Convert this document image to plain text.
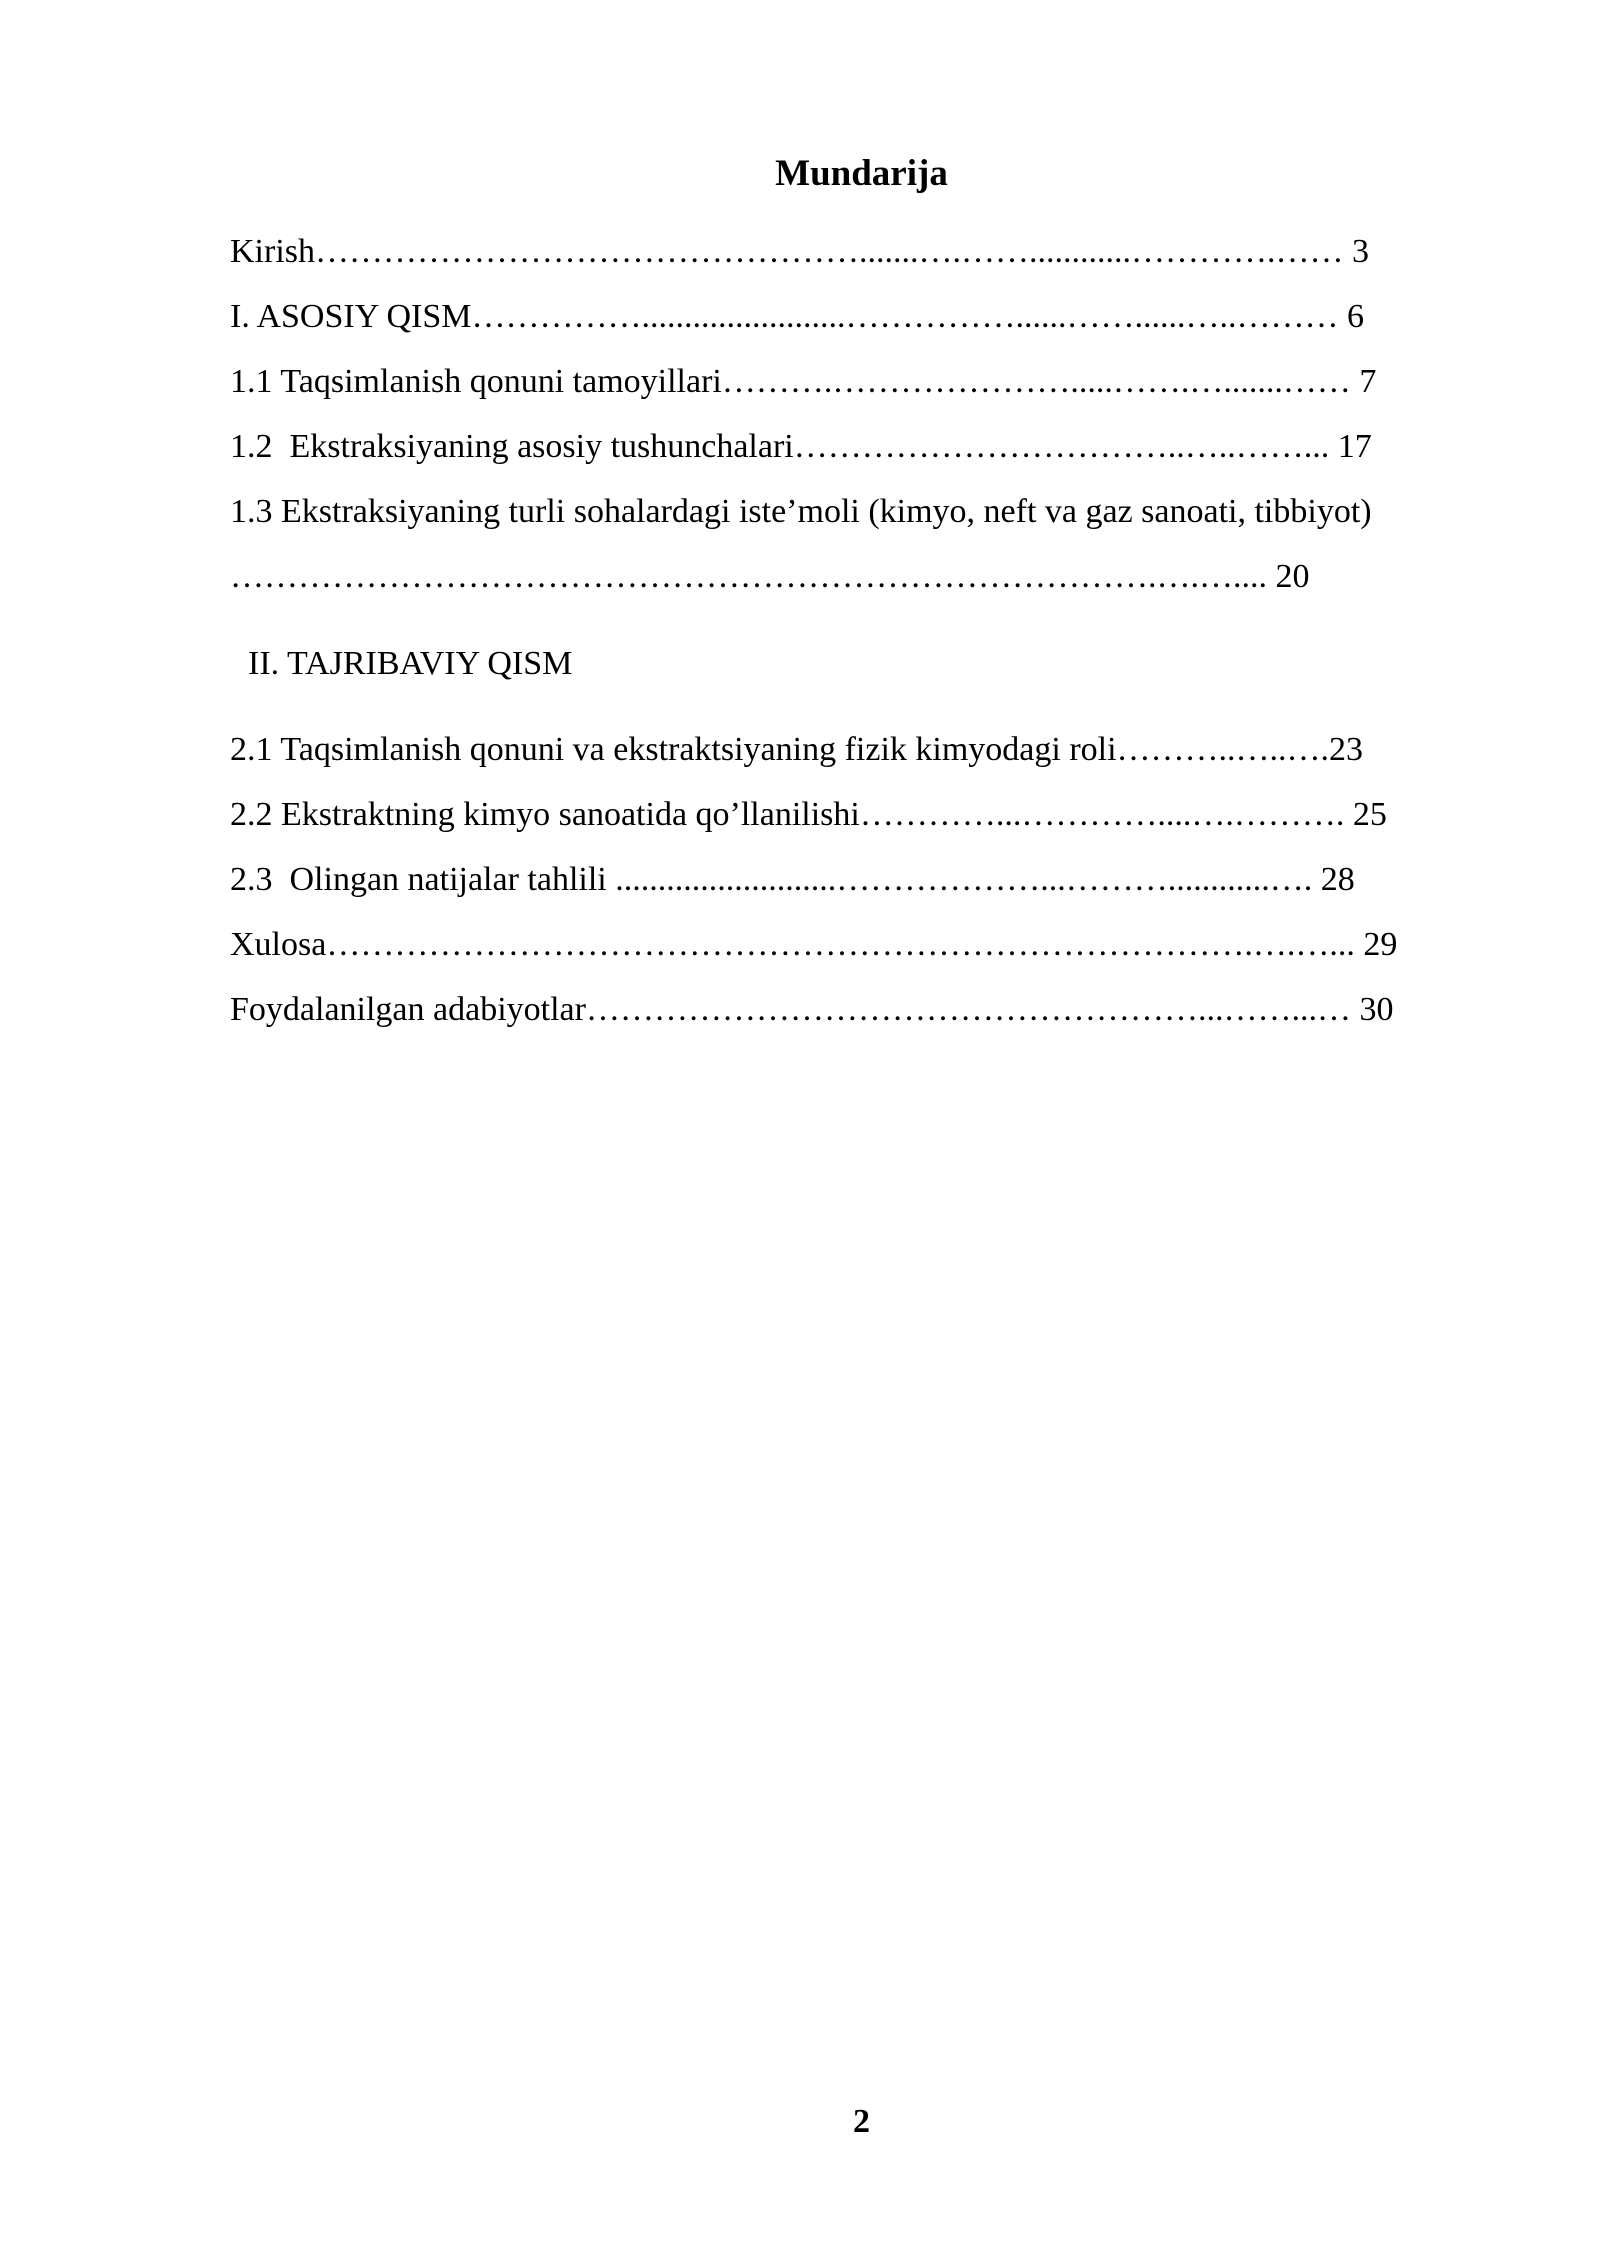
Mundarija
Kirish………………………………………….......….……............………….…… 3
I. ASOSIY QISM……………........................……………......……......…..……… 6
1.1 Taqsimlanish qonuni tamoyillari……….………………….....…….….......…… 7
1.2  Ekstraksiyaning asosiy tushunchalari……………………………..…..……... 17
1.3 Ekstraksiyaning turli sohalardagi iste’moli (kimyo, neft va gaz sanoati, tibbiyot)
……………………………………………………………………….….….... 20
II. TAJRIBAVIY QISM
2.1 Taqsimlanish qonuni va ekstraktsiyaning fizik kimyodagi roli………..…..….23
2.2 Ekstraktning kimyo sanoatida qo’llanilishi…………...…………....….………. 25
2.3  Olingan natijalar tahlili ..........................………………...………............…. 28
Xulosa……………………………………………………………………….….…... 29
Foydalanilgan adabiyotlar………………………………………………...……...… 30
2
